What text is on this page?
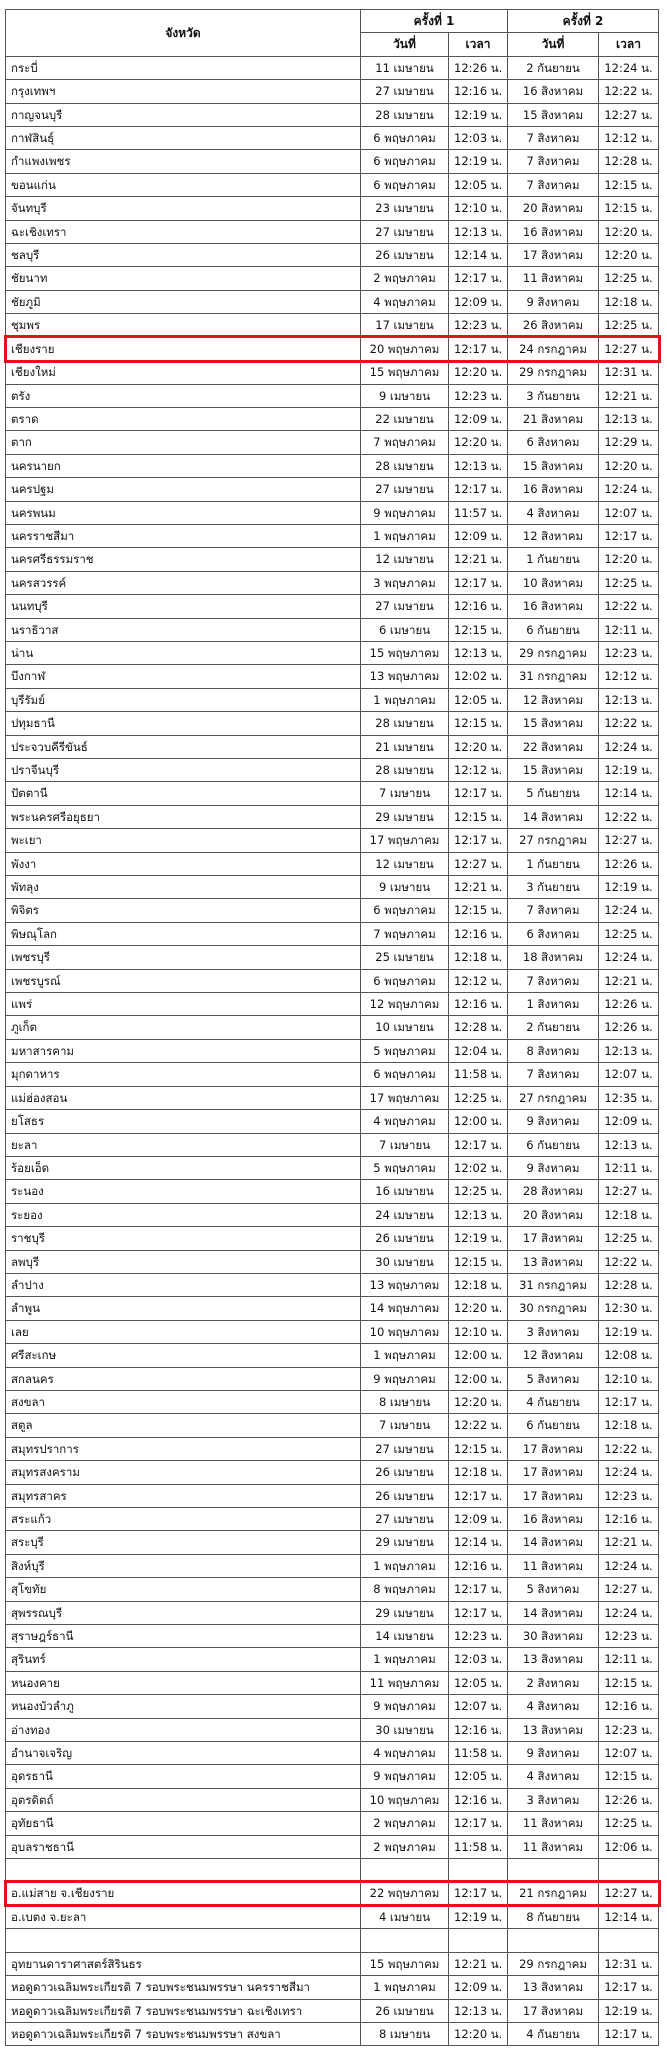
จังหวัด	ครั้งที่ 1		ครั้งที่ 2	
	วันที่	เวลา	วันที่	เวลา
กระบี่	11 เมษายน	12:26 น.	2 กันยายน	12:24 น.
กรุงเทพฯ	27 เมษายน	12:16 น.	16 สิงหาคม	12:22 น.
กาญจนบุรี	28 เมษายน	12:19 น.	15 สิงหาคม	12:27 น.
กาฬสินธุ์	6 พฤษภาคม	12:03 น.	7 สิงหาคม	12:12 น.
กำแพงเพชร	6 พฤษภาคม	12:19 น.	7 สิงหาคม	12:28 น.
ขอนแก่น	6 พฤษภาคม	12:05 น.	7 สิงหาคม	12:15 น.
จันทบุรี	23 เมษายน	12:10 น.	20 สิงหาคม	12:15 น.
ฉะเชิงเทรา	27 เมษายน	12:13 น.	16 สิงหาคม	12:20 น.
ชลบุรี	26 เมษายน	12:14 น.	17 สิงหาคม	12:20 น.
ชัยนาท	2 พฤษภาคม	12:17 น.	11 สิงหาคม	12:25 น.
ชัยภูมิ	4 พฤษภาคม	12:09 น.	9 สิงหาคม	12:18 น.
ชุมพร	17 เมษายน	12:23 น.	26 สิงหาคม	12:25 น.
เชียงราย	20 พฤษภาคม	12:17 น.	24 กรกฎาคม	12:27 น.
เชียงใหม่	15 พฤษภาคม	12:20 น.	29 กรกฎาคม	12:31 น.
ตรัง	9 เมษายน	12:23 น.	3 กันยายน	12:21 น.
ตราด	22 เมษายน	12:09 น.	21 สิงหาคม	12:13 น.
ตาก	7 พฤษภาคม	12:20 น.	6 สิงหาคม	12:29 น.
นครนายก	28 เมษายน	12:13 น.	15 สิงหาคม	12:20 น.
นครปฐม	27 เมษายน	12:17 น.	16 สิงหาคม	12:24 น.
นครพนม	9 พฤษภาคม	11:57 น.	4 สิงหาคม	12:07 น.
นครราชสีมา	1 พฤษภาคม	12:09 น.	12 สิงหาคม	12:17 น.
นครศรีธรรมราช	12 เมษายน	12:21 น.	1 กันยายน	12:20 น.
นครสวรรค์	3 พฤษภาคม	12:17 น.	10 สิงหาคม	12:25 น.
นนทบุรี	27 เมษายน	12:16 น.	16 สิงหาคม	12:22 น.
นราธิวาส	6 เมษายน	12:15 น.	6 กันยายน	12:11 น.
น่าน	15 พฤษภาคม	12:13 น.	29 กรกฎาคม	12:23 น.
บึงกาฬ	13 พฤษภาคม	12:02 น.	31 กรกฎาคม	12:12 น.
บุรีรัมย์	1 พฤษภาคม	12:05 น.	12 สิงหาคม	12:13 น.
ปทุมธานี	28 เมษายน	12:15 น.	15 สิงหาคม	12:22 น.
ประจวบคีรีขันธ์	21 เมษายน	12:20 น.	22 สิงหาคม	12:24 น.
ปราจีนบุรี	28 เมษายน	12:12 น.	15 สิงหาคม	12:19 น.
ปัตตานี	7 เมษายน	12:17 น.	5 กันยายน	12:14 น.
พระนครศรีอยุธยา	29 เมษายน	12:15 น.	14 สิงหาคม	12:22 น.
พะเยา	17 พฤษภาคม	12:17 น.	27 กรกฎาคม	12:27 น.
พังงา	12 เมษายน	12:27 น.	1 กันยายน	12:26 น.
พัทลุง	9 เมษายน	12:21 น.	3 กันยายน	12:19 น.
พิจิตร	6 พฤษภาคม	12:15 น.	7 สิงหาคม	12:24 น.
พิษณุโลก	7 พฤษภาคม	12:16 น.	6 สิงหาคม	12:25 น.
เพชรบุรี	25 เมษายน	12:18 น.	18 สิงหาคม	12:24 น.
เพชรบูรณ์	6 พฤษภาคม	12:12 น.	7 สิงหาคม	12:21 น.
แพร่	12 พฤษภาคม	12:16 น.	1 สิงหาคม	12:26 น.
ภูเก็ต	10 เมษายน	12:28 น.	2 กันยายน	12:26 น.
มหาสารคาม	5 พฤษภาคม	12:04 น.	8 สิงหาคม	12:13 น.
มุกดาหาร	6 พฤษภาคม	11:58 น.	7 สิงหาคม	12:07 น.
แม่ฮ่องสอน	17 พฤษภาคม	12:25 น.	27 กรกฎาคม	12:35 น.
ยโสธร	4 พฤษภาคม	12:00 น.	9 สิงหาคม	12:09 น.
ยะลา	7 เมษายน	12:17 น.	6 กันยายน	12:13 น.
ร้อยเอ็ด	5 พฤษภาคม	12:02 น.	9 สิงหาคม	12:11 น.
ระนอง	16 เมษายน	12:25 น.	28 สิงหาคม	12:27 น.
ระยอง	24 เมษายน	12:13 น.	20 สิงหาคม	12:18 น.
ราชบุรี	26 เมษายน	12:19 น.	17 สิงหาคม	12:25 น.
ลพบุรี	30 เมษายน	12:15 น.	13 สิงหาคม	12:22 น.
ลำปาง	13 พฤษภาคม	12:18 น.	31 กรกฎาคม	12:28 น.
ลำพูน	14 พฤษภาคม	12:20 น.	30 กรกฎาคม	12:30 น.
เลย	10 พฤษภาคม	12:10 น.	3 สิงหาคม	12:19 น.
ศรีสะเกษ	1 พฤษภาคม	12:00 น.	12 สิงหาคม	12:08 น.
สกลนคร	9 พฤษภาคม	12:00 น.	5 สิงหาคม	12:10 น.
สงขลา	8 เมษายน	12:20 น.	4 กันยายน	12:17 น.
สตูล	7 เมษายน	12:22 น.	6 กันยายน	12:18 น.
สมุทรปราการ	27 เมษายน	12:15 น.	17 สิงหาคม	12:22 น.
สมุทรสงคราม	26 เมษายน	12:18 น.	17 สิงหาคม	12:24 น.
สมุทรสาคร	26 เมษายน	12:17 น.	17 สิงหาคม	12:23 น.
สระแก้ว	27 เมษายน	12:09 น.	16 สิงหาคม	12:16 น.
สระบุรี	29 เมษายน	12:14 น.	14 สิงหาคม	12:21 น.
สิงห์บุรี	1 พฤษภาคม	12:16 น.	11 สิงหาคม	12:24 น.
สุโขทัย	8 พฤษภาคม	12:17 น.	5 สิงหาคม	12:27 น.
สุพรรณบุรี	29 เมษายน	12:17 น.	14 สิงหาคม	12:24 น.
สุราษฎร์ธานี	14 เมษายน	12:23 น.	30 สิงหาคม	12:23 น.
สุรินทร์	1 พฤษภาคม	12:03 น.	13 สิงหาคม	12:11 น.
หนองคาย	11 พฤษภาคม	12:05 น.	2 สิงหาคม	12:15 น.
หนองบัวลำภู	9 พฤษภาคม	12:07 น.	4 สิงหาคม	12:16 น.
อ่างทอง	30 เมษายน	12:16 น.	13 สิงหาคม	12:23 น.
อำนาจเจริญ	4 พฤษภาคม	11:58 น.	9 สิงหาคม	12:07 น.
อุดรธานี	9 พฤษภาคม	12:05 น.	4 สิงหาคม	12:15 น.
อุตรดิตถ์	10 พฤษภาคม	12:16 น.	3 สิงหาคม	12:26 น.
อุทัยธานี	2 พฤษภาคม	12:17 น.	11 สิงหาคม	12:25 น.
อุบลราชธานี	2 พฤษภาคม	11:58 น.	11 สิงหาคม	12:06 น.

อ.แม่สาย จ.เชียงราย	22 พฤษภาคม	12:17 น.	21 กรกฎาคม	12:27 น.
อ.เบตง จ.ยะลา	4 เมษายน	12:19 น.	8 กันยายน	12:14 น.

อุทยานดาราศาสตร์สิรินธร	15 พฤษภาคม	12:21 น.	29 กรกฎาคม	12:31 น.
หอดูดาวเฉลิมพระเกียรติ 7 รอบพระชนมพรรษา นครราชสีมา	1 พฤษภาคม	12:09 น.	13 สิงหาคม	12:17 น.
หอดูดาวเฉลิมพระเกียรติ 7 รอบพระชนมพรรษา ฉะเชิงเทรา	26 เมษายน	12:13 น.	17 สิงหาคม	12:19 น.
หอดูดาวเฉลิมพระเกียรติ 7 รอบพระชนมพรรษา สงขลา	8 เมษายน	12:20 น.	4 กันยายน	12:17 น.
